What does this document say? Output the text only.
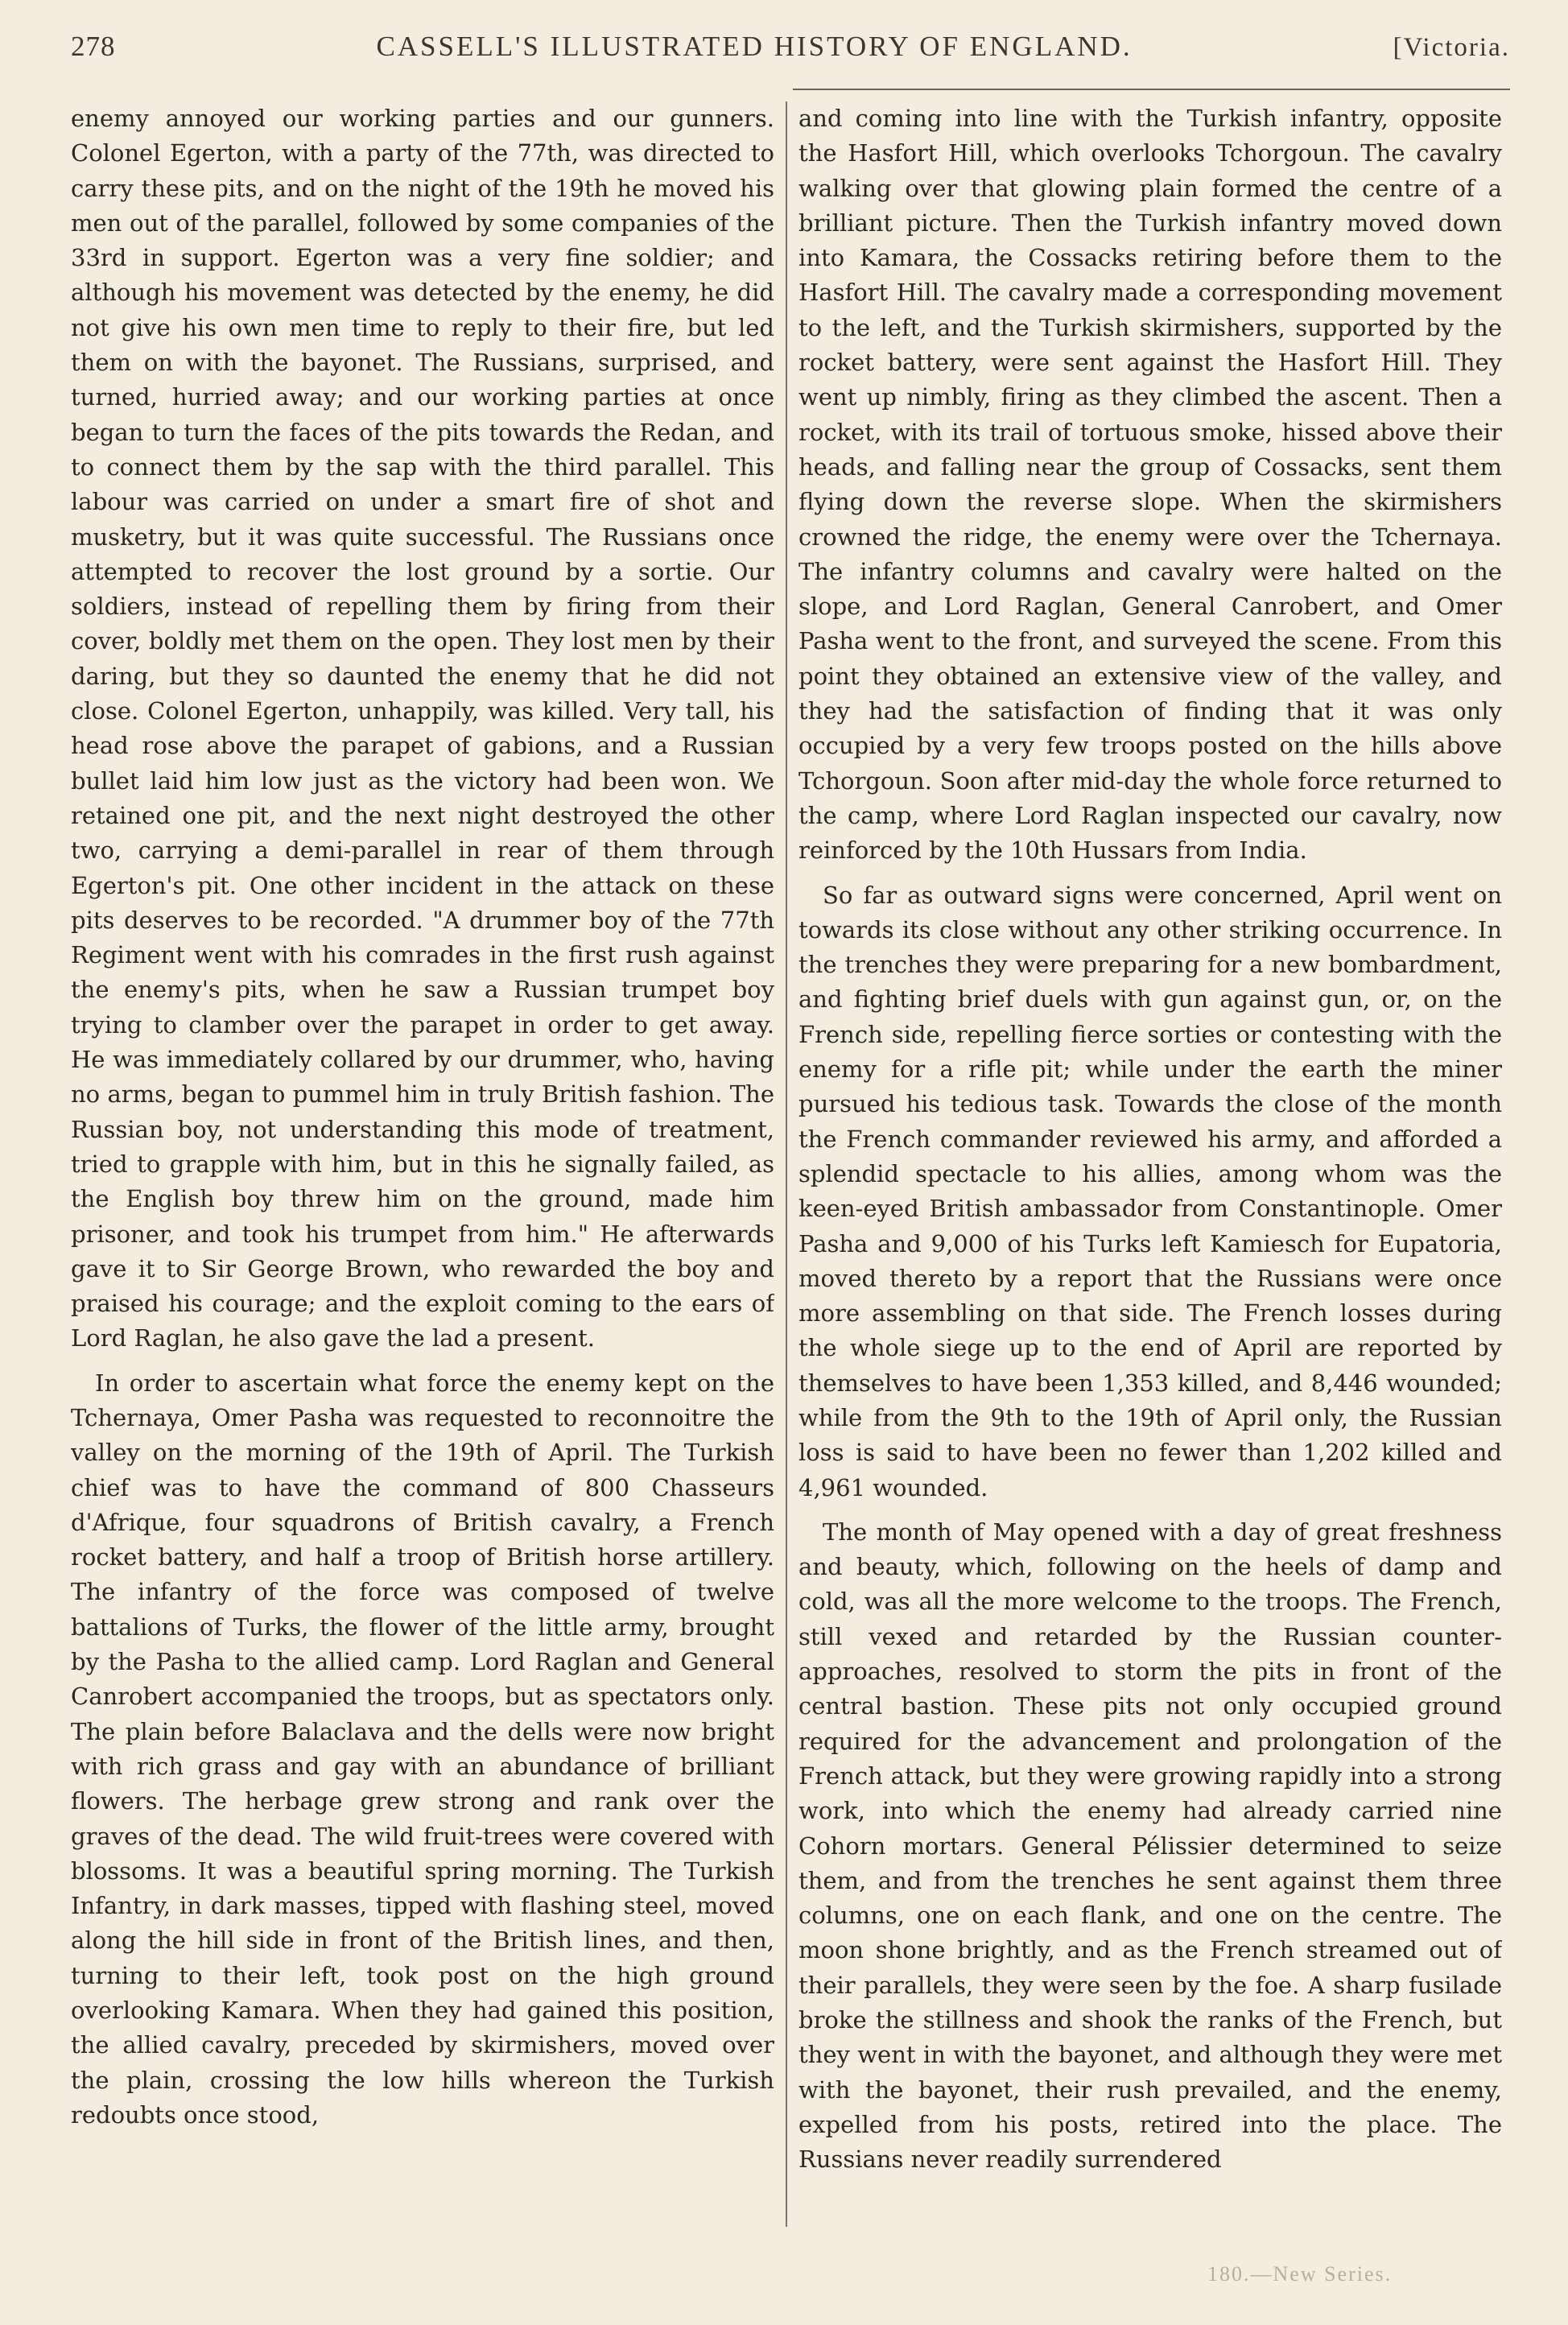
278	CASSELL'S ILLUSTRATED HISTORY OF ENGLAND.	[Victoria.

enemy annoyed our working parties and our gunners. Colonel Egerton, with a party of the 77th, was directed to carry these pits, and on the night of the 19th he moved his men out of the parallel, followed by some companies of the 33rd in support. Egerton was a very fine soldier; and although his movement was detected by the enemy, he did not give his own men time to reply to their fire, but led them on with the bayonet. The Russians, surprised, and turned, hurried away; and our working parties at once began to turn the faces of the pits towards the Redan, and to connect them by the sap with the third parallel. This labour was carried on under a smart fire of shot and musketry, but it was quite successful. The Russians once attempted to recover the lost ground by a sortie. Our soldiers, instead of repelling them by firing from their cover, boldly met them on the open. They lost men by their daring, but they so daunted the enemy that he did not close. Colonel Egerton, unhappily, was killed. Very tall, his head rose above the parapet of gabions, and a Russian bullet laid him low just as the victory had been won. We retained one pit, and the next night destroyed the other two, carrying a demi-parallel in rear of them through Egerton's pit. One other incident in the attack on these pits deserves to be recorded. "A drummer boy of the 77th Regiment went with his comrades in the first rush against the enemy's pits, when he saw a Russian trumpet boy trying to clamber over the parapet in order to get away. He was immediately collared by our drummer, who, having no arms, began to pummel him in truly British fashion. The Russian boy, not understanding this mode of treatment, tried to grapple with him, but in this he signally failed, as the English boy threw him on the ground, made him prisoner, and took his trumpet from him." He afterwards gave it to Sir George Brown, who rewarded the boy and praised his courage; and the exploit coming to the ears of Lord Raglan, he also gave the lad a present.

In order to ascertain what force the enemy kept on the Tchernaya, Omer Pasha was requested to reconnoitre the valley on the morning of the 19th of April. The Turkish chief was to have the command of 800 Chasseurs d'Afrique, four squadrons of British cavalry, a French rocket battery, and half a troop of British horse artillery. The infantry of the force was composed of twelve battalions of Turks, the flower of the little army, brought by the Pasha to the allied camp. Lord Raglan and General Canrobert accompanied the troops, but as spectators only. The plain before Balaclava and the dells were now bright with rich grass and gay with an abundance of brilliant flowers. The herbage grew strong and rank over the graves of the dead. The wild fruit-trees were covered with blossoms. It was a beautiful spring morning. The Turkish Infantry, in dark masses, tipped with flashing steel, moved along the hill side in front of the British lines, and then, turning to their left, took post on the high ground overlooking Kamara. When they had gained this position, the allied cavalry, preceded by skirmishers, moved over the plain, crossing the low hills whereon the Turkish redoubts once stood,

and coming into line with the Turkish infantry, opposite the Hasfort Hill, which overlooks Tchorgoun. The cavalry walking over that glowing plain formed the centre of a brilliant picture. Then the Turkish infantry moved down into Kamara, the Cossacks retiring before them to the Hasfort Hill. The cavalry made a corresponding movement to the left, and the Turkish skirmishers, supported by the rocket battery, were sent against the Hasfort Hill. They went up nimbly, firing as they climbed the ascent. Then a rocket, with its trail of tortuous smoke, hissed above their heads, and falling near the group of Cossacks, sent them flying down the reverse slope. When the skirmishers crowned the ridge, the enemy were over the Tchernaya. The infantry columns and cavalry were halted on the slope, and Lord Raglan, General Canrobert, and Omer Pasha went to the front, and surveyed the scene. From this point they obtained an extensive view of the valley, and they had the satisfaction of finding that it was only occupied by a very few troops posted on the hills above Tchorgoun. Soon after mid-day the whole force returned to the camp, where Lord Raglan inspected our cavalry, now reinforced by the 10th Hussars from India.

So far as outward signs were concerned, April went on towards its close without any other striking occurrence. In the trenches they were preparing for a new bombardment, and fighting brief duels with gun against gun, or, on the French side, repelling fierce sorties or contesting with the enemy for a rifle pit; while under the earth the miner pursued his tedious task. Towards the close of the month the French commander reviewed his army, and afforded a splendid spectacle to his allies, among whom was the keen-eyed British ambassador from Constantinople. Omer Pasha and 9,000 of his Turks left Kamiesch for Eupatoria, moved thereto by a report that the Russians were once more assembling on that side. The French losses during the whole siege up to the end of April are reported by themselves to have been 1,353 killed, and 8,446 wounded; while from the 9th to the 19th of April only, the Russian loss is said to have been no fewer than 1,202 killed and 4,961 wounded.

The month of May opened with a day of great freshness and beauty, which, following on the heels of damp and cold, was all the more welcome to the troops. The French, still vexed and retarded by the Russian counter-approaches, resolved to storm the pits in front of the central bastion. These pits not only occupied ground required for the advancement and prolongation of the French attack, but they were growing rapidly into a strong work, into which the enemy had already carried nine Cohorn mortars. General Pélissier determined to seize them, and from the trenches he sent against them three columns, one on each flank, and one on the centre. The moon shone brightly, and as the French streamed out of their parallels, they were seen by the foe. A sharp fusilade broke the stillness and shook the ranks of the French, but they went in with the bayonet, and although they were met with the bayonet, their rush prevailed, and the enemy, expelled from his posts, retired into the place. The Russians never readily surrendered

180.—New Series.
